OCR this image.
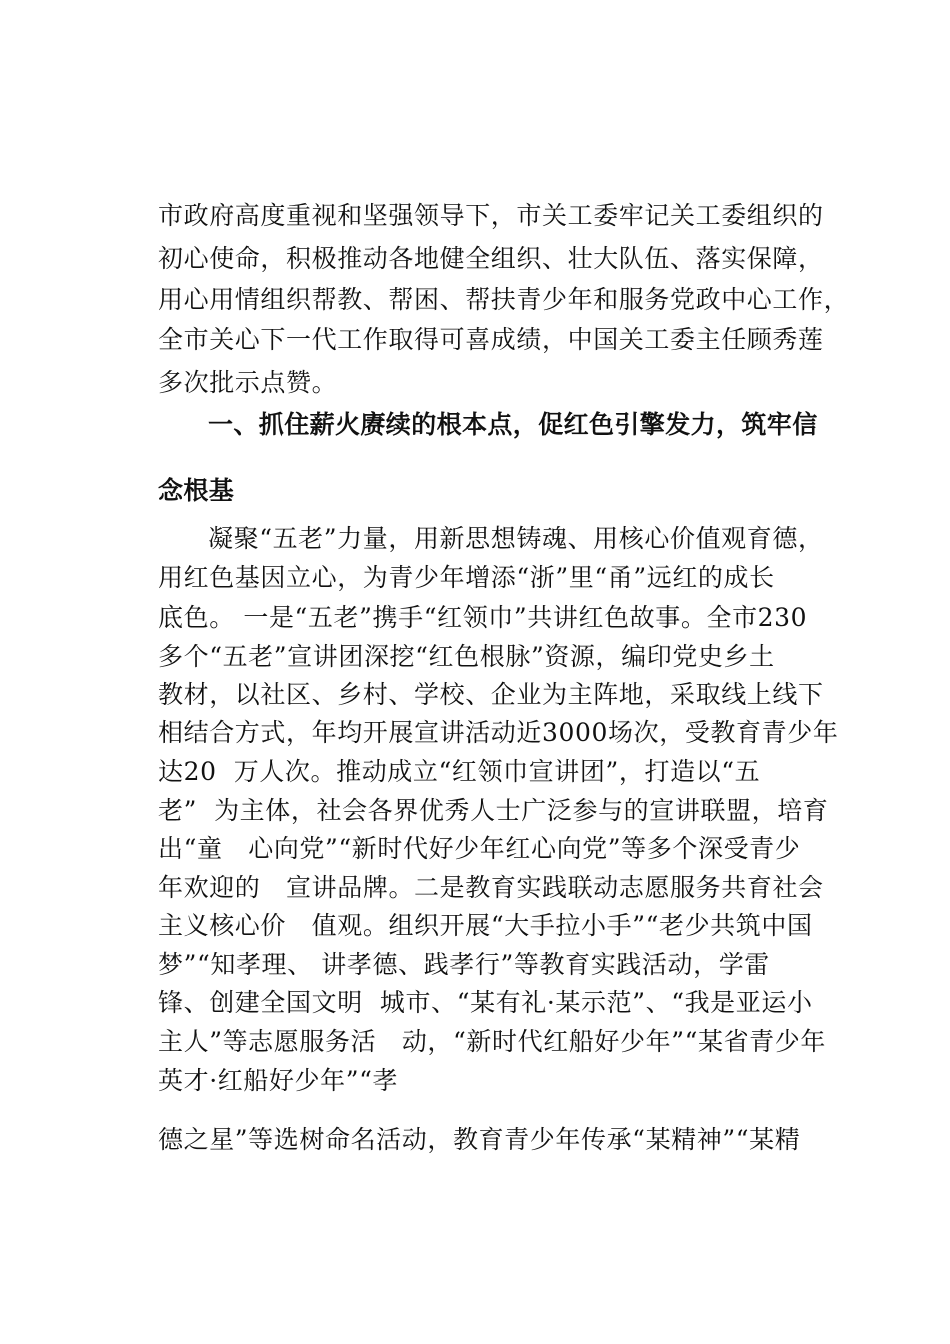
市政府高度重视和坚强领导下，市关工委牢记关工委组织的
初心使命，积极推动各地健全组织、壮大队伍、落实保障，
用心用情组织帮教、帮困、帮扶青少年和服务党政中心工作，
全市关心下一代工作取得可喜成绩，中国关工委主任顾秀莲
多次批示点赞。
一、抓住薪火赓续的根本点，促红色引擎发力，筑牢信
念根基
凝聚“五老”力量，用新思想铸魂、用核心价值观育德，
用红色基因立心，为青少年增添“浙”里“甬”远红的成长
底色。 一是“五老”携手“红领巾”共讲红色故事。全市230
多个“五老”宣讲团深挖“红色根脉”资源，编印党史乡土
教材，以社区、乡村、学校、企业为主阵地，采取线上线下
相结合方式，年均开展宣讲活动近3000场次，受教育青少年
达20  万人次。推动成立“红领巾宣讲团”，打造以“五
老”  为主体，社会各界优秀人士广泛参与的宣讲联盟，培育
出“童   心向党”“新时代好少年红心向党”等多个深受青少
年欢迎的   宣讲品牌。二是教育实践联动志愿服务共育社会
主义核心价   值观。组织开展“大手拉小手”“老少共筑中国
梦”“知孝理、 讲孝德、践孝行”等教育实践活动，学雷
锋、创建全国文明  城市、“某有礼·某示范”、“我是亚运小
主人”等志愿服务活   动，“新时代红船好少年”“某省青少年
英才·红船好少年”“孝
德之星”等选树命名活动，教育青少年传承“某精神”“某精
